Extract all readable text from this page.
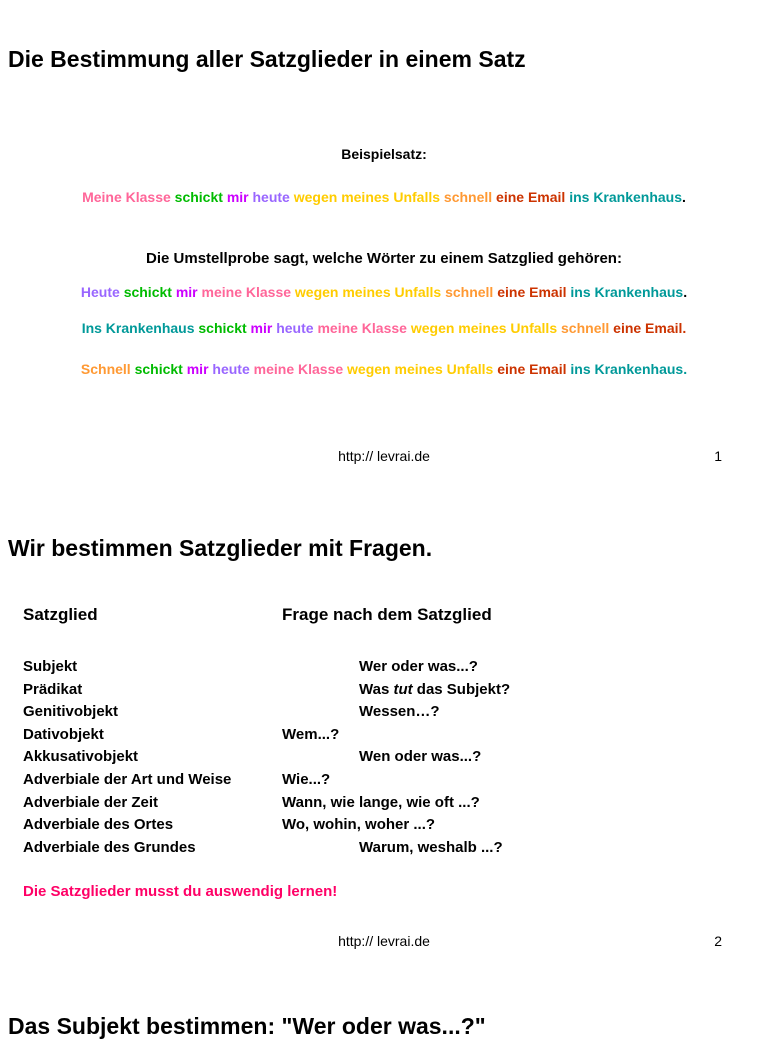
Die Bestimmung aller Satzglieder in einem Satz
Beispielsatz:
Meine Klasse schickt mir heute wegen meines Unfalls schnell eine Email ins Krankenhaus.
Die Umstellprobe sagt, welche Wörter zu einem Satzglied gehören:
Heute schickt mir meine Klasse wegen meines Unfalls schnell eine Email ins Krankenhaus.
Ins Krankenhaus schickt mir heute meine Klasse wegen meines Unfalls schnell eine Email.
Schnell schickt mir heute meine Klasse wegen meines Unfalls eine Email ins Krankenhaus.
http:// levrai.de	1
Wir bestimmen Satzglieder mit Fragen.
Satzglied	Frage nach dem Satzglied
Subjekt	Wer oder was...?
Prädikat	Was tut das Subjekt?
Genitivobjekt	Wessen…?
Dativobjekt	Wem...?
Akkusativobjekt	Wen oder was...?
Adverbiale der Art und Weise	Wie...?
Adverbiale der Zeit	Wann, wie lange, wie oft ...?
Adverbiale des Ortes	Wo, wohin, woher ...?
Adverbiale des Grundes	Warum, weshalb ...?
Die Satzglieder musst du auswendig lernen!
http:// levrai.de	2
Das Subjekt bestimmen: "Wer oder was...?"
